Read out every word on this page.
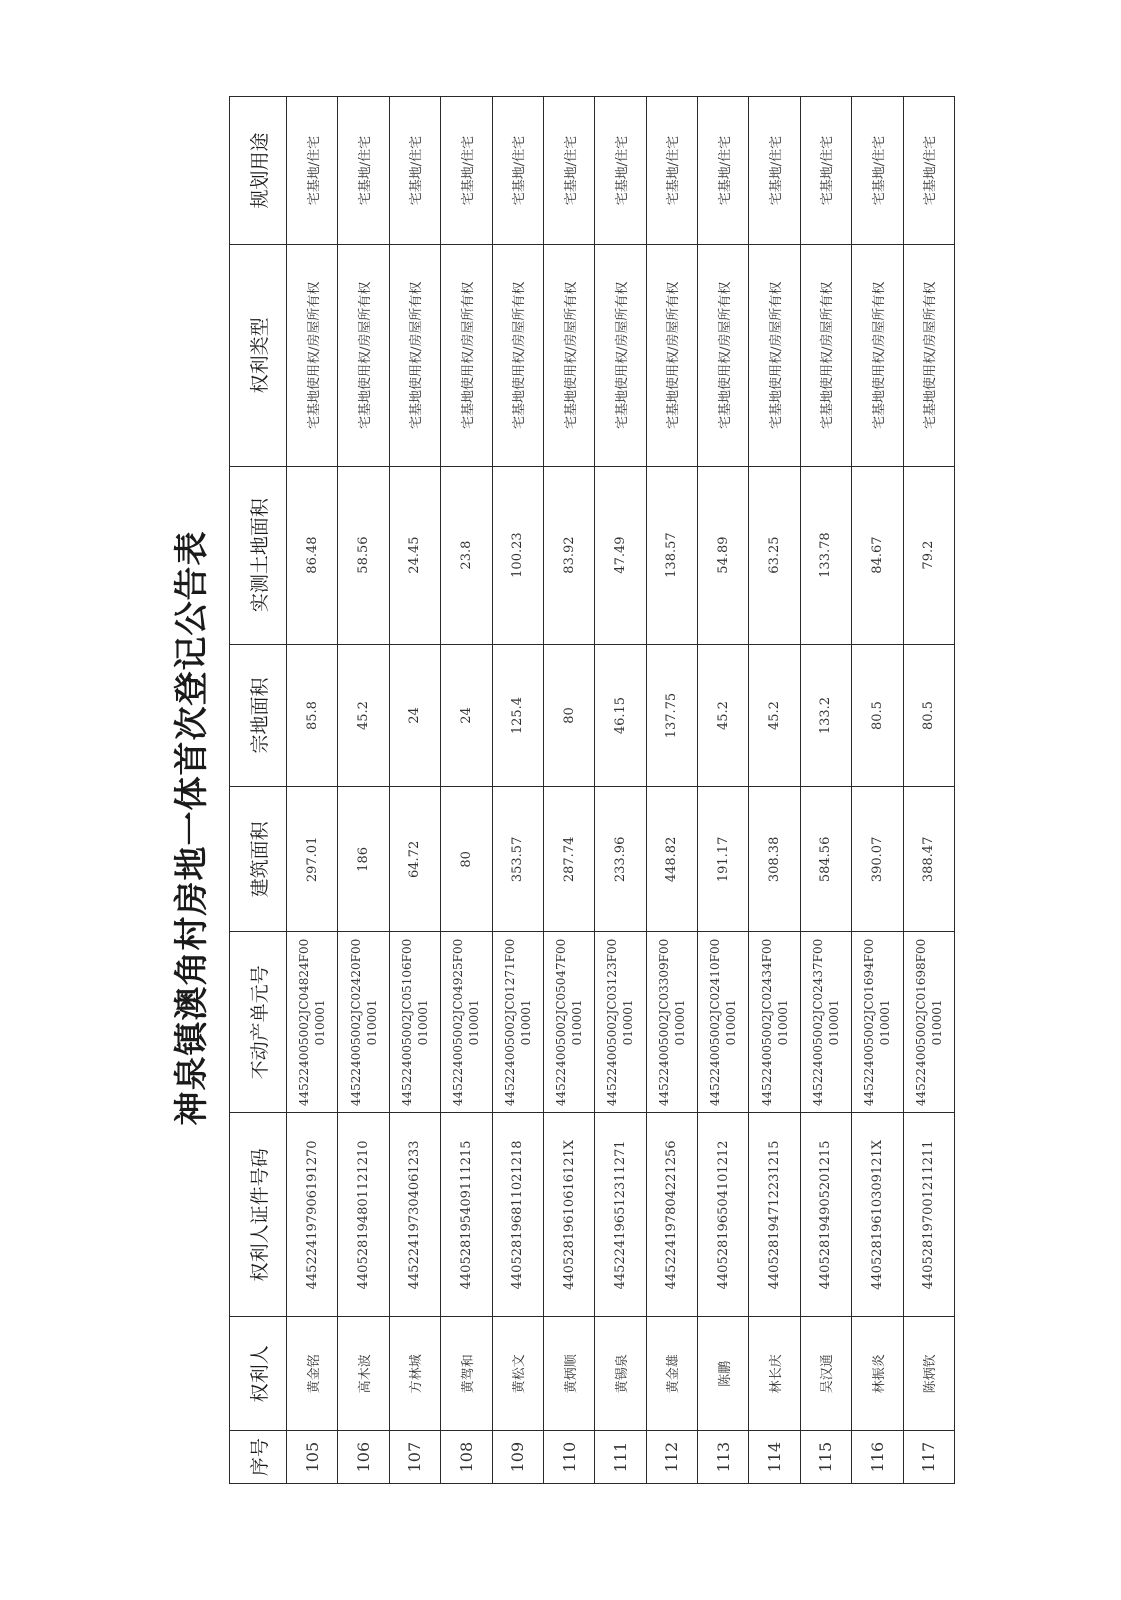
神泉镇澳角村房地一体首次登记公告表
序号	权利人	权利人证件号码	不动产单元号	建筑面积	宗地面积	实测土地面积	权利类型	规划用途
105	黄金铭	445224197906191270	445224005002JC04824F00010001	297.01	85.8	86.48	宅基地使用权/房屋所有权	宅基地/住宅
106	高木波	440528194801121210	445224005002JC02420F00010001	186	45.2	58.56	宅基地使用权/房屋所有权	宅基地/住宅
107	方林城	445224197304061233	445224005002JC05106F00010001	64.72	24	24.45	宅基地使用权/房屋所有权	宅基地/住宅
108	黄驾和	440528195409111215	445224005002JC04925F00010001	80	24	23.8	宅基地使用权/房屋所有权	宅基地/住宅
109	黄松文	440528196811021218	445224005002JC01271F00010001	353.57	125.4	100.23	宅基地使用权/房屋所有权	宅基地/住宅
110	黄炳顺	44052819610616121X	445224005002JC05047F00010001	287.74	80	83.92	宅基地使用权/房屋所有权	宅基地/住宅
111	黄锡泉	445224196512311271	445224005002JC03123F00010001	233.96	46.15	47.49	宅基地使用权/房屋所有权	宅基地/住宅
112	黄金雄	445224197804221256	445224005002JC03309F00010001	448.82	137.75	138.57	宅基地使用权/房屋所有权	宅基地/住宅
113	陈鹏	440528196504101212	445224005002JC02410F00010001	191.17	45.2	54.89	宅基地使用权/房屋所有权	宅基地/住宅
114	林长庆	440528194712231215	445224005002JC02434F00010001	308.38	45.2	63.25	宅基地使用权/房屋所有权	宅基地/住宅
115	吴汉通	440528194905201215	445224005002JC02437F00010001	584.56	133.2	133.78	宅基地使用权/房屋所有权	宅基地/住宅
116	林振炎	44052819610309121X	445224005002JC01694F00010001	390.07	80.5	84.67	宅基地使用权/房屋所有权	宅基地/住宅
117	陈炳钦	440528197001211211	445224005002JC01698F00010001	388.47	80.5	79.2	宅基地使用权/房屋所有权	宅基地/住宅
